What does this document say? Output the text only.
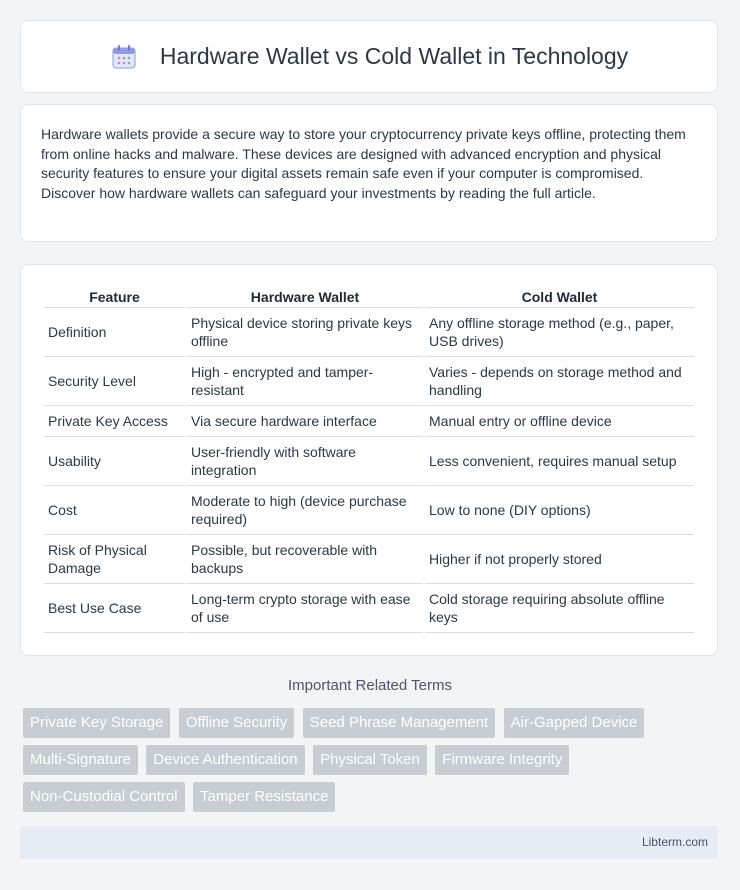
Hardware Wallet vs Cold Wallet in Technology

Hardware wallets provide a secure way to store your cryptocurrency private keys offline, protecting them from online hacks and malware. These devices are designed with advanced encryption and physical security features to ensure your digital assets remain safe even if your computer is compromised. Discover how hardware wallets can safeguard your investments by reading the full article.

Feature	Hardware Wallet	Cold Wallet
Definition	Physical device storing private keys offline	Any offline storage method (e.g., paper, USB drives)
Security Level	High - encrypted and tamper-resistant	Varies - depends on storage method and handling
Private Key Access	Via secure hardware interface	Manual entry or offline device
Usability	User-friendly with software integration	Less convenient, requires manual setup
Cost	Moderate to high (device purchase required)	Low to none (DIY options)
Risk of Physical Damage	Possible, but recoverable with backups	Higher if not properly stored
Best Use Case	Long-term crypto storage with ease of use	Cold storage requiring absolute offline keys
Important Related Terms
Private Key Storage Offline Security Seed Phrase Management Air-Gapped Device Multi-Signature Device Authentication Physical Token Firmware Integrity Non-Custodial Control Tamper Resistance
Libterm.com
